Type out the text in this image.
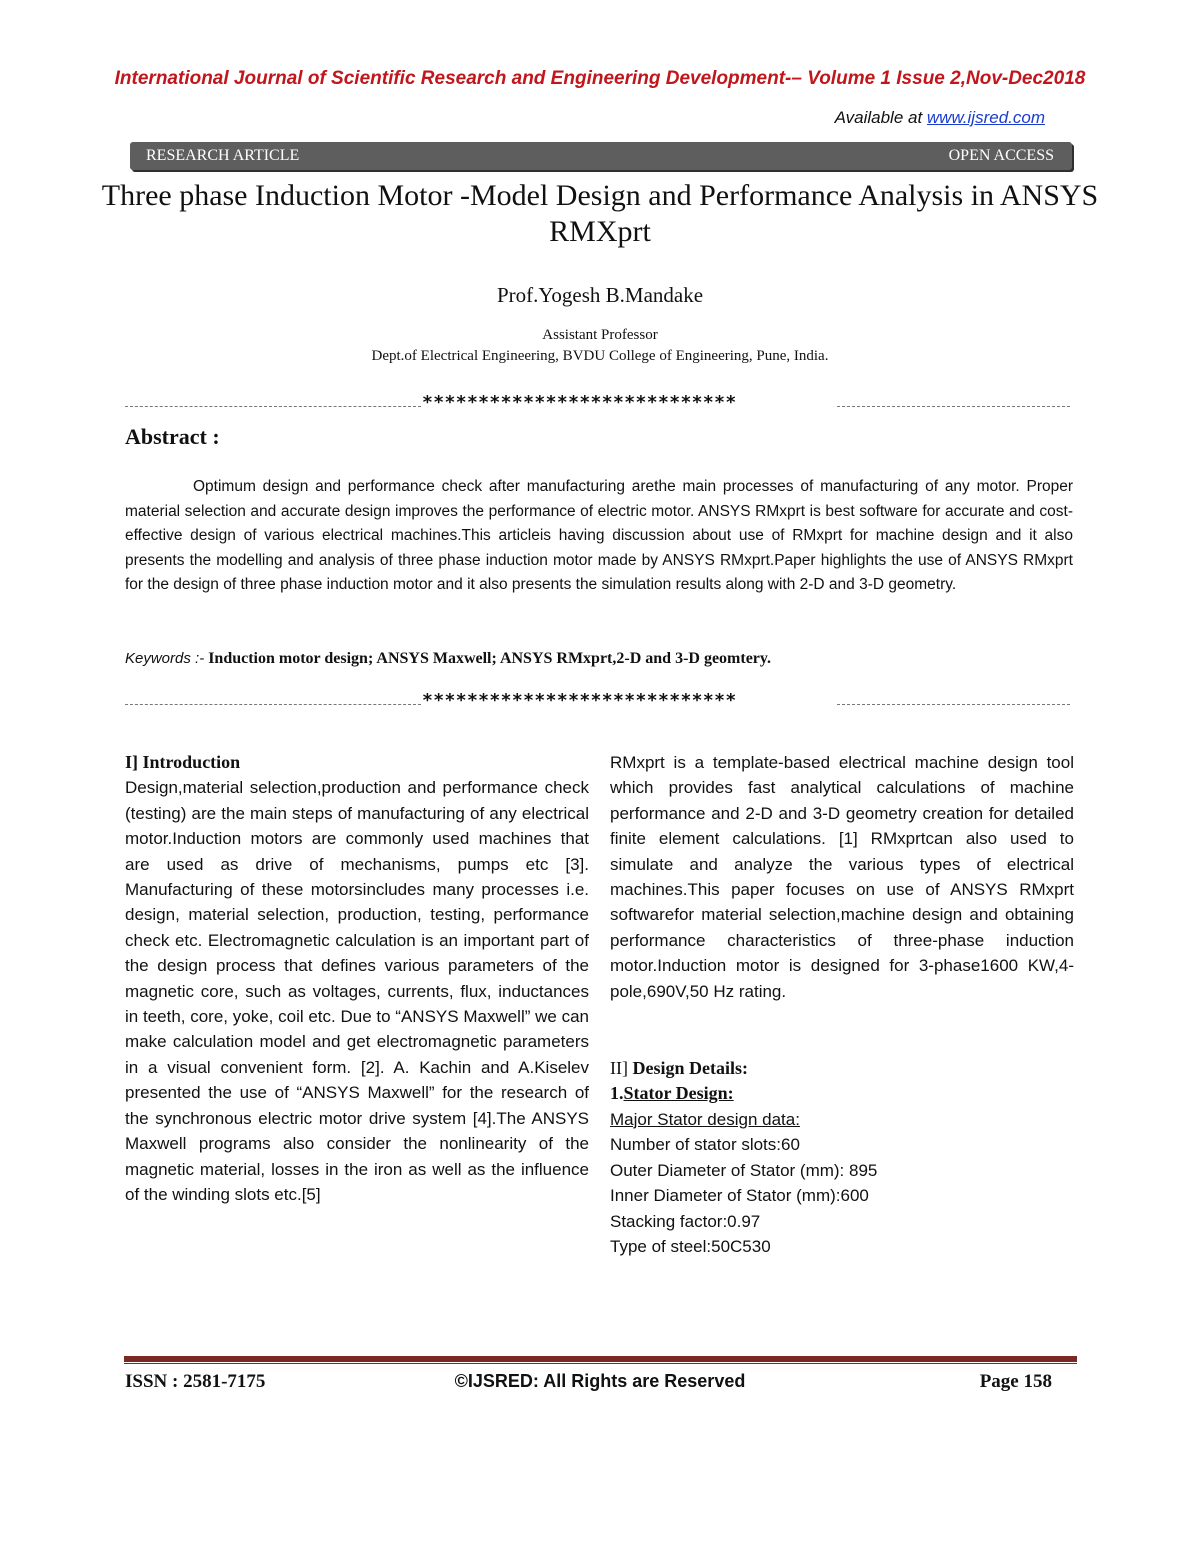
International Journal of Scientific Research and Engineering Development-– Volume 1 Issue 2,Nov-Dec2018
Available at www.ijsred.com
RESEARCH ARTICLE	OPEN ACCESS
Three phase Induction Motor -Model Design and Performance Analysis in ANSYS RMXprt
Prof.Yogesh B.Mandake
Assistant Professor
Dept.of Electrical Engineering, BVDU College of Engineering, Pune, India.
****************************
Abstract :
Optimum design and performance check after manufacturing arethe main processes of manufacturing of any motor. Proper material selection and accurate design improves the performance of electric motor. ANSYS RMxprt is best software for accurate and cost-effective design of various electrical machines.This articleis having discussion about use of RMxprt for machine design and it also presents the modelling and analysis of three phase induction motor made by ANSYS RMxprt.Paper highlights the use of ANSYS RMxprt for the design of three phase induction motor and it also presents the simulation results along with 2-D and 3-D geometry.
Keywords :- Induction motor design; ANSYS Maxwell; ANSYS RMxprt,2-D and 3-D geomtery.
****************************
I] Introduction

Design,material selection,production and performance check (testing) are the main steps of manufacturing of any electrical motor.Induction motors are commonly used machines that are used as drive of mechanisms, pumps etc [3]. Manufacturing of these motorsincludes many processes i.e. design, material selection, production, testing, performance check etc. Electromagnetic calculation is an important part of the design process that defines various parameters of the magnetic core, such as voltages, currents, flux, inductances in teeth, core, yoke, coil etc. Due to “ANSYS Maxwell” we can make calculation model and get electromagnetic parameters in a visual convenient form. [2]. A. Kachin and A.Kiselev presented the use of “ANSYS Maxwell” for the research of the synchronous electric motor drive system [4].The ANSYS Maxwell programs also consider the nonlinearity of the magnetic material, losses in the iron as well as the influence of the winding slots etc.[5]

RMxprt is a template-based electrical machine design tool which provides fast analytical calculations of machine performance and 2-D and 3-D geometry creation for detailed finite element calculations. [1] RMxprtcan also used to simulate and analyze the various types of electrical machines.This paper focuses on use of ANSYS RMxprt softwarefor material selection,machine design and obtaining performance characteristics of three-phase induction motor.Induction motor is designed for 3-phase1600 KW,4-pole,690V,50 Hz rating.

II] Design Details:
1.Stator Design:
Major Stator design data:
Number of stator slots:60
Outer Diameter of Stator (mm): 895
Inner Diameter of Stator (mm):600
Stacking factor:0.97
Type of steel:50C530
ISSN : 2581-7175	©IJSRED: All Rights are Reserved	Page 158
